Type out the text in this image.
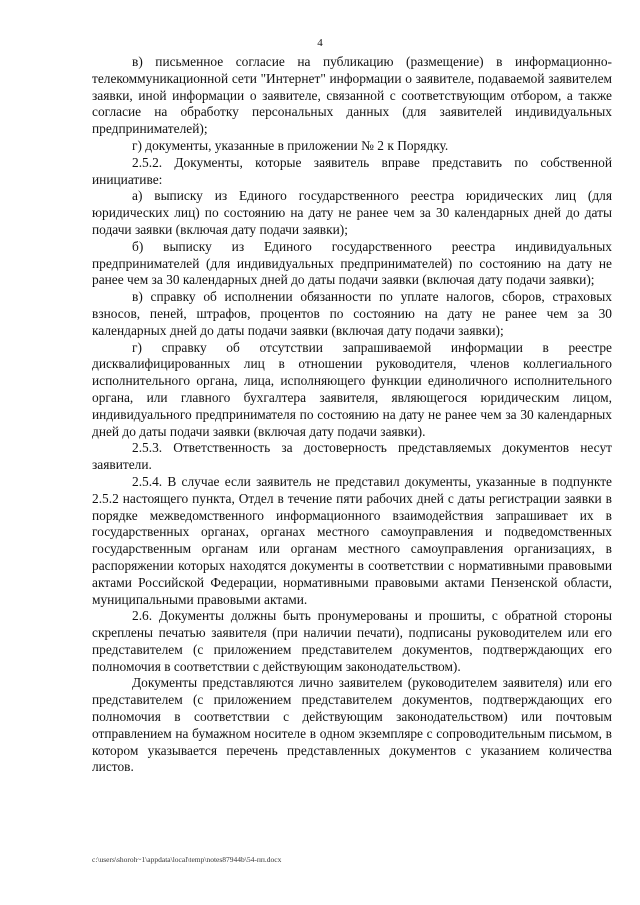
4

в) письменное согласие на публикацию (размещение) в информационно-телекоммуникационной сети "Интернет" информации о заявителе, подаваемой заявителем заявки, иной информации о заявителе, связанной с соответствующим отбором, а также согласие на обработку персональных данных (для заявителей индивидуальных предпринимателей);

г) документы, указанные в приложении № 2 к Порядку.

2.5.2. Документы, которые заявитель вправе представить по собственной инициативе:

а) выписку из Единого государственного реестра юридических лиц (для юридических лиц) по состоянию на дату не ранее чем за 30 календарных дней до даты подачи заявки (включая дату подачи заявки);

б) выписку из Единого государственного реестра индивидуальных предпринимателей (для индивидуальных предпринимателей) по состоянию на дату не ранее чем за 30 календарных дней до даты подачи заявки (включая дату подачи заявки);

в) справку об исполнении обязанности по уплате налогов, сборов, страховых взносов, пеней, штрафов, процентов по состоянию на дату не ранее чем за 30 календарных дней до даты подачи заявки (включая дату подачи заявки);

г) справку об отсутствии запрашиваемой информации в реестре дисквалифицированных лиц в отношении руководителя, членов коллегиального исполнительного органа, лица, исполняющего функции единоличного исполнительного органа, или главного бухгалтера заявителя, являющегося юридическим лицом, индивидуального предпринимателя по состоянию на дату не ранее чем за 30 календарных дней до даты подачи заявки (включая дату подачи заявки).

2.5.3. Ответственность за достоверность представляемых документов несут заявители.

2.5.4. В случае если заявитель не представил документы, указанные в подпункте 2.5.2 настоящего пункта, Отдел в течение пяти рабочих дней с даты регистрации заявки в порядке межведомственного информационного взаимодействия запрашивает их в государственных органах, органах местного самоуправления и подведомственных государственным органам или органам местного самоуправления организациях, в распоряжении которых находятся документы в соответствии с нормативными правовыми актами Российской Федерации, нормативными правовыми актами Пензенской области, муниципальными правовыми актами.

2.6. Документы должны быть пронумерованы и прошиты, с обратной стороны скреплены печатью заявителя (при наличии печати), подписаны руководителем или его представителем (с приложением представителем документов, подтверждающих его полномочия в соответствии с действующим законодательством).

Документы представляются лично заявителем (руководителем заявителя) или его представителем (с приложением представителем документов, подтверждающих его полномочия в соответствии с действующим законодательством) или почтовым отправлением на бумажном носителе в одном экземпляре с сопроводительным письмом, в котором указывается перечень представленных документов с указанием количества листов.

c:\users\shoroh~1\appdata\local\temp\notes87944b\54-пп.docx
